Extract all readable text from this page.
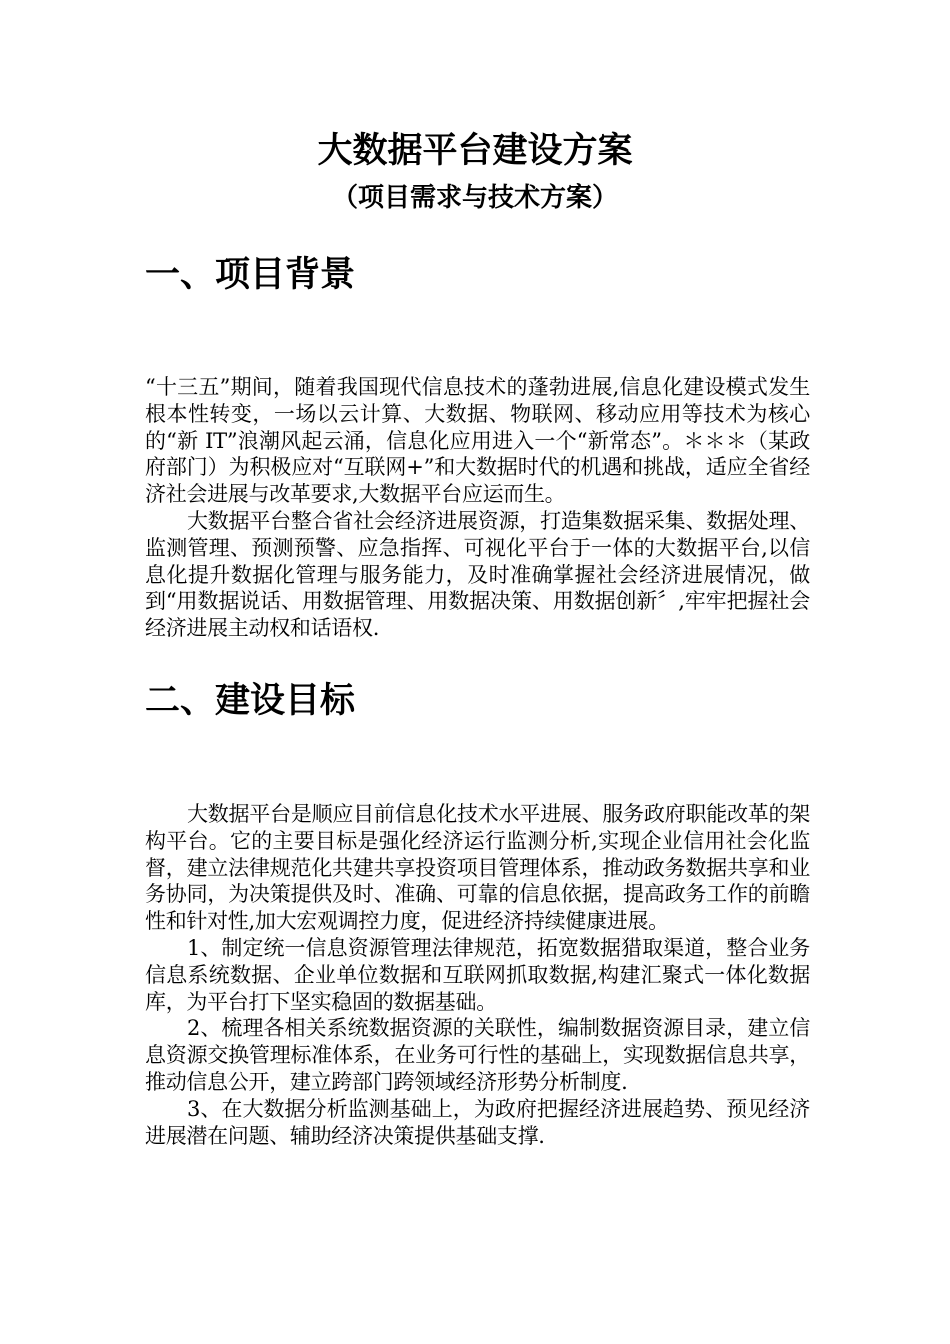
大数据平台建设方案
（项目需求与技术方案）
一、项目背景

“十三五”期间，随着我国现代信息技术的蓬勃进展,信息化建设模式发生根本性转变，一场以云计算、大数据、物联网、移动应用等技术为核心的“新 IT”浪潮风起云涌，信息化应用进入一个“新常态”。＊＊＊（某政府部门）为积极应对“互联网+”和大数据时代的机遇和挑战，适应全省经济社会进展与改革要求,大数据平台应运而生。

大数据平台整合省社会经济进展资源，打造集数据采集、数据处理、监测管理、预测预警、应急指挥、可视化平台于一体的大数据平台,以信息化提升数据化管理与服务能力，及时准确掌握社会经济进展情况，做到“用数据说话、用数据管理、用数据决策、用数据创新〞,牢牢把握社会经济进展主动权和话语权.

二、建设目标

大数据平台是顺应目前信息化技术水平进展、服务政府职能改革的架构平台。它的主要目标是强化经济运行监测分析,实现企业信用社会化监督，建立法律规范化共建共享投资项目管理体系，推动政务数据共享和业务协同，为决策提供及时、准确、可靠的信息依据，提高政务工作的前瞻性和针对性,加大宏观调控力度，促进经济持续健康进展。

1、制定统一信息资源管理法律规范，拓宽数据猎取渠道，整合业务信息系统数据、企业单位数据和互联网抓取数据,构建汇聚式一体化数据库，为平台打下坚实稳固的数据基础。

2、梳理各相关系统数据资源的关联性，编制数据资源目录，建立信息资源交换管理标准体系，在业务可行性的基础上，实现数据信息共享，推动信息公开，建立跨部门跨领域经济形势分析制度.

3、在大数据分析监测基础上，为政府把握经济进展趋势、预见经济进展潜在问题、辅助经济决策提供基础支撑.
